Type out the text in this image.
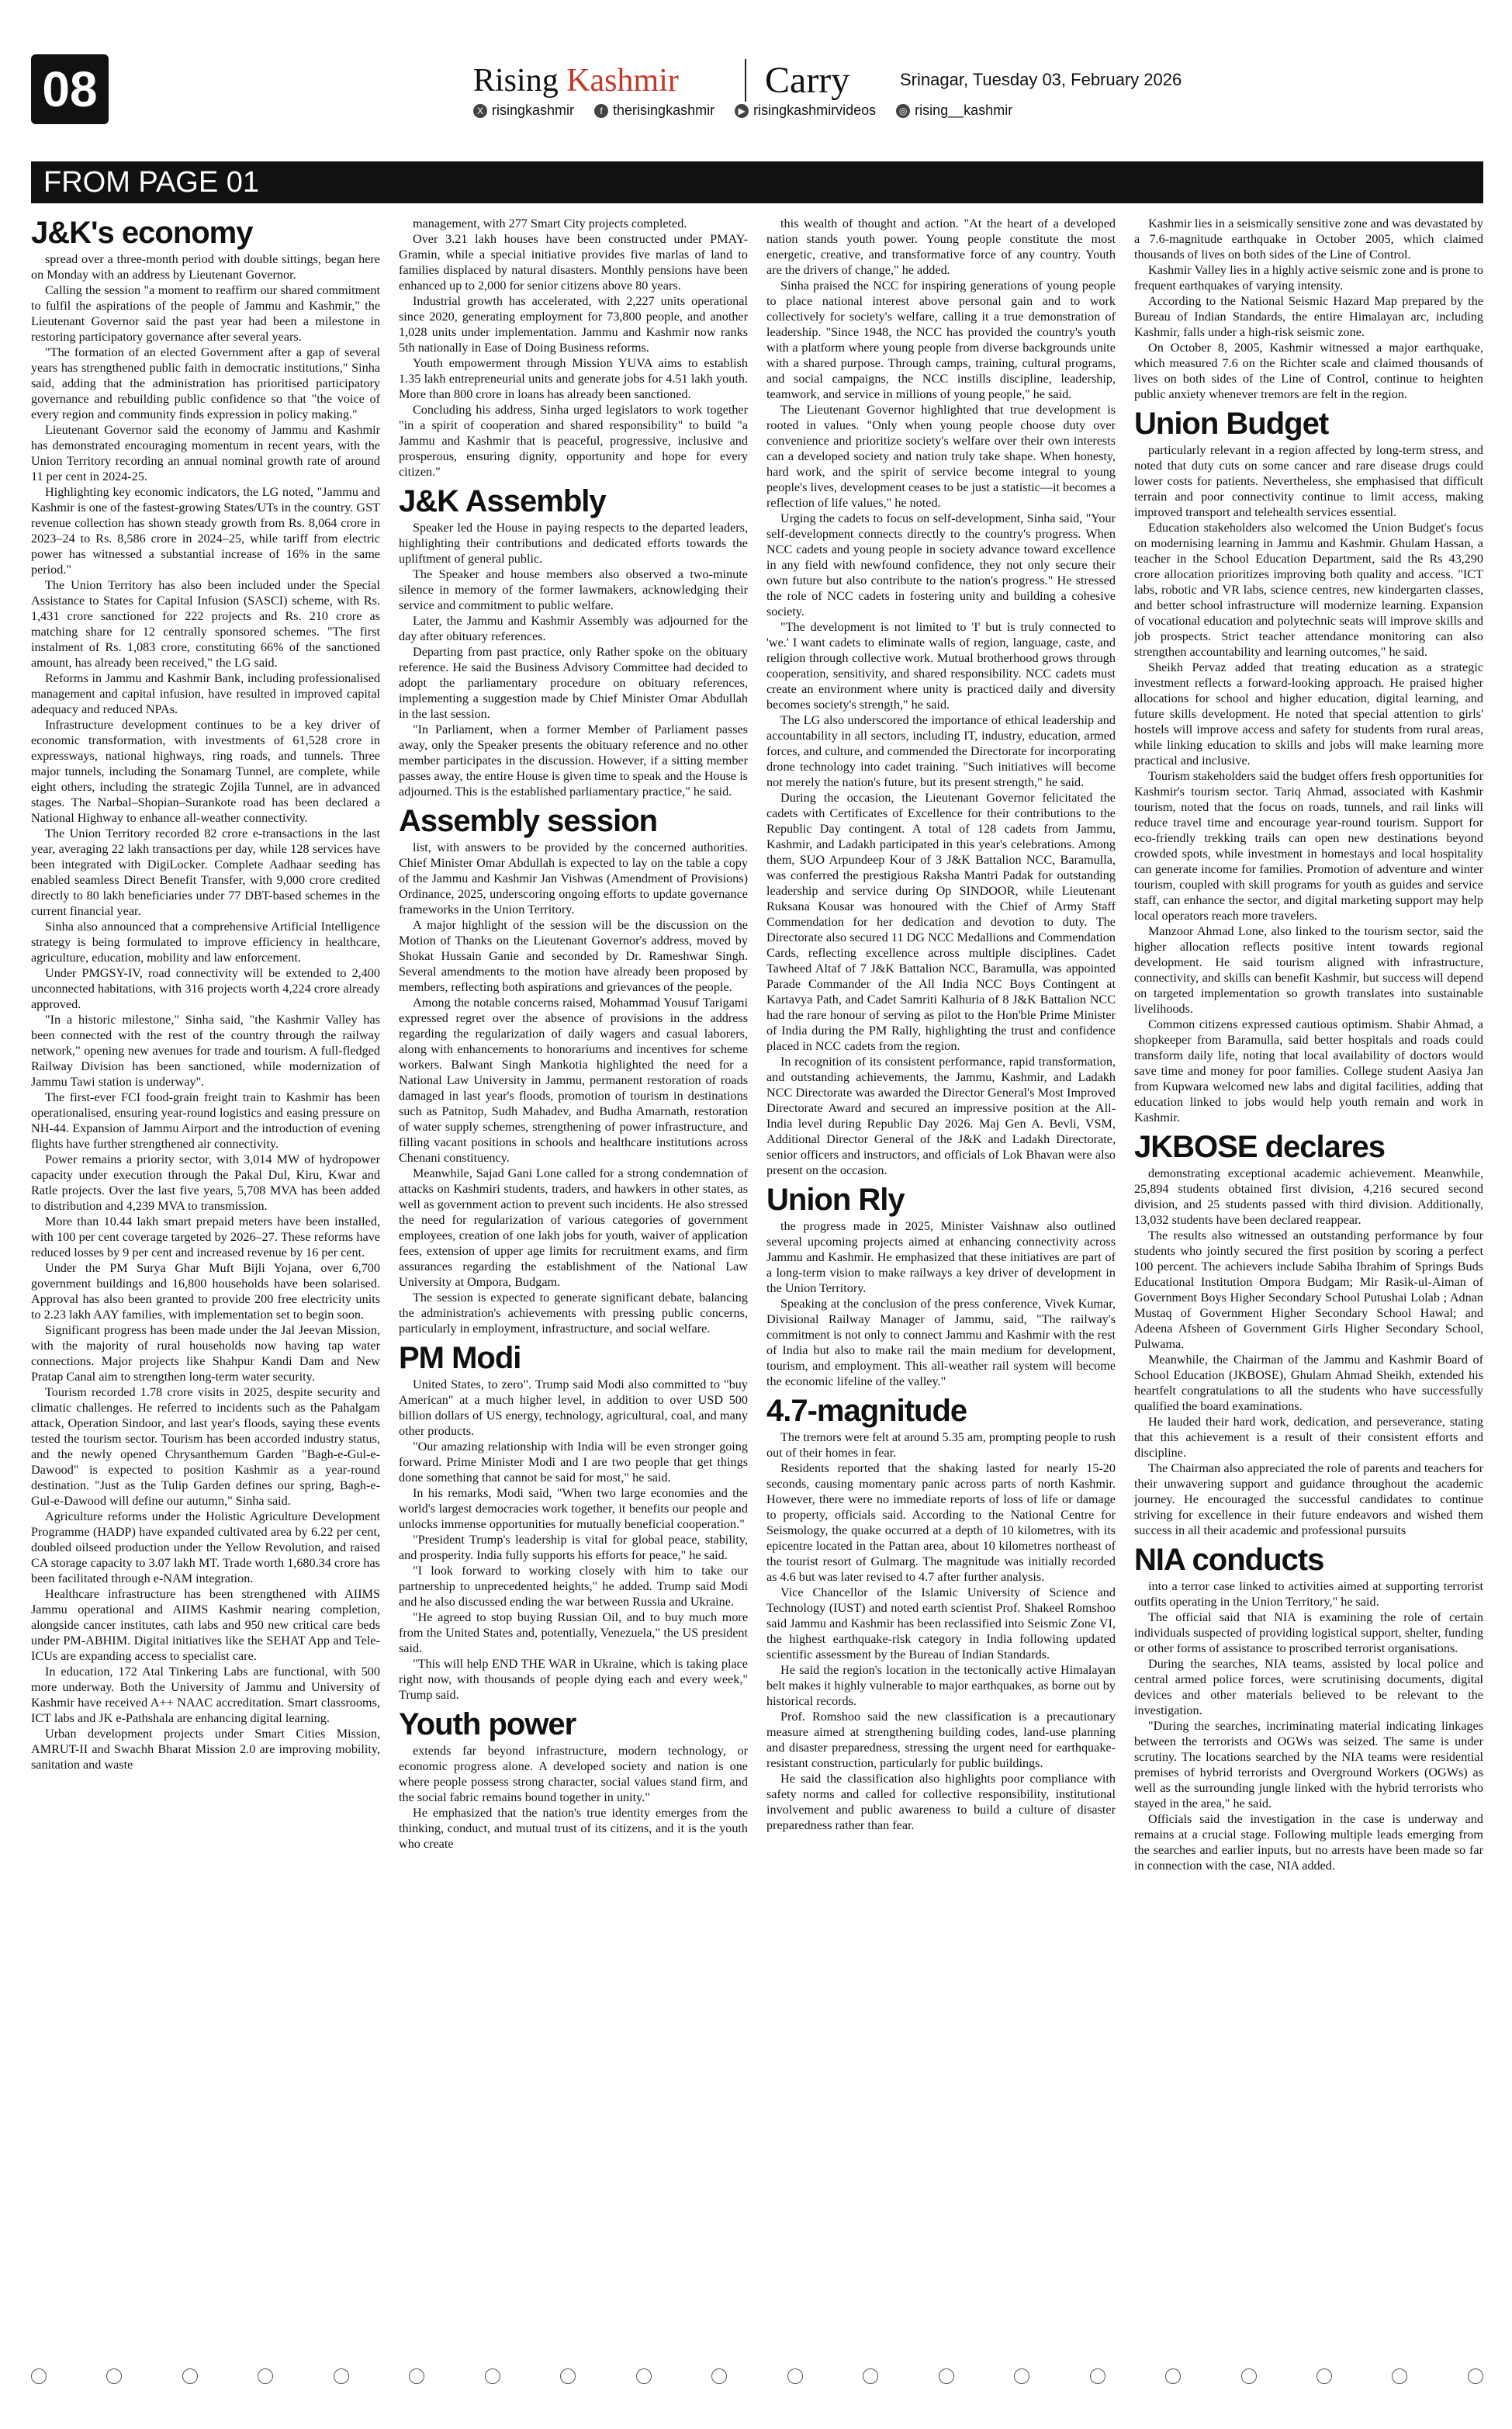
08	Rising Kashmir	Carry	Srinagar, Tuesday 03, February 2026
X risingkashmir	f therisingkashmir	▶ risingkashmirvideos	◎ rising__kashmir
FROM PAGE 01
J&K's economy

spread over a three-month period with double sittings, began here on Monday with an address by Lieutenant Governor.

Calling the session "a moment to reaffirm our shared commitment to fulfil the aspirations of the people of Jammu and Kashmir," the Lieutenant Governor said the past year had been a milestone in restoring participatory governance after several years.

"The formation of an elected Government after a gap of several years has strengthened public faith in democratic institutions," Sinha said, adding that the administration has prioritised participatory governance and rebuilding public confidence so that "the voice of every region and community finds expression in policy making."

Lieutenant Governor said the economy of Jammu and Kashmir has demonstrated encouraging momentum in recent years, with the Union Territory recording an annual nominal growth rate of around 11 per cent in 2024-25.

Highlighting key economic indicators, the LG noted, "Jammu and Kashmir is one of the fastest-growing States/UTs in the country. GST revenue collection has shown steady growth from Rs. 8,064 crore in 2023–24 to Rs. 8,586 crore in 2024–25, while tariff from electric power has witnessed a substantial increase of 16% in the same period."

The Union Territory has also been included under the Special Assistance to States for Capital Infusion (SASCI) scheme, with Rs. 1,431 crore sanctioned for 222 projects and Rs. 210 crore as matching share for 12 centrally sponsored schemes. "The first instalment of Rs. 1,083 crore, constituting 66% of the sanctioned amount, has already been received," the LG said.

Reforms in Jammu and Kashmir Bank, including professionalised management and capital infusion, have resulted in improved capital adequacy and reduced NPAs.

Infrastructure development continues to be a key driver of economic transformation, with investments of 61,528 crore in expressways, national highways, ring roads, and tunnels. Three major tunnels, including the Sonamarg Tunnel, are complete, while eight others, including the strategic Zojila Tunnel, are in advanced stages. The Narbal–Shopian–Surankote road has been declared a National Highway to enhance all-weather connectivity.

The Union Territory recorded 82 crore e-transactions in the last year, averaging 22 lakh transactions per day, while 128 services have been integrated with DigiLocker. Complete Aadhaar seeding has enabled seamless Direct Benefit Transfer, with 9,000 crore credited directly to 80 lakh beneficiaries under 77 DBT-based schemes in the current financial year.

Sinha also announced that a comprehensive Artificial Intelligence strategy is being formulated to improve efficiency in healthcare, agriculture, education, mobility and law enforcement.

Under PMGSY-IV, road connectivity will be extended to 2,400 unconnected habitations, with 316 projects worth 4,224 crore already approved.

"In a historic milestone," Sinha said, "the Kashmir Valley has been connected with the rest of the country through the railway network," opening new avenues for trade and tourism. A full-fledged Railway Division has been sanctioned, while modernization of Jammu Tawi station is underway".

The first-ever FCI food-grain freight train to Kashmir has been operationalised, ensuring year-round logistics and easing pressure on NH-44. Expansion of Jammu Airport and the introduction of evening flights have further strengthened air connectivity.

Power remains a priority sector, with 3,014 MW of hydropower capacity under execution through the Pakal Dul, Kiru, Kwar and Ratle projects. Over the last five years, 5,708 MVA has been added to distribution and 4,239 MVA to transmission.

More than 10.44 lakh smart prepaid meters have been installed, with 100 per cent coverage targeted by 2026–27. These reforms have reduced losses by 9 per cent and increased revenue by 16 per cent.

Under the PM Surya Ghar Muft Bijli Yojana, over 6,700 government buildings and 16,800 households have been solarised. Approval has also been granted to provide 200 free electricity units to 2.23 lakh AAY families, with implementation set to begin soon.

Significant progress has been made under the Jal Jeevan Mission, with the majority of rural households now having tap water connections. Major projects like Shahpur Kandi Dam and New Pratap Canal aim to strengthen long-term water security.

Tourism recorded 1.78 crore visits in 2025, despite security and climatic challenges. He referred to incidents such as the Pahalgam attack, Operation Sindoor, and last year's floods, saying these events tested the tourism sector. Tourism has been accorded industry status, and the newly opened Chrysanthemum Garden "Bagh-e-Gul-e-Dawood" is expected to position Kashmir as a year-round destination. "Just as the Tulip Garden defines our spring, Bagh-e-Gul-e-Dawood will define our autumn," Sinha said.

Agriculture reforms under the Holistic Agriculture Development Programme (HADP) have expanded cultivated area by 6.22 per cent, doubled oilseed production under the Yellow Revolution, and raised CA storage capacity to 3.07 lakh MT. Trade worth 1,680.34 crore has been facilitated through e-NAM integration.

Healthcare infrastructure has been strengthened with AIIMS Jammu operational and AIIMS Kashmir nearing completion, alongside cancer institutes, cath labs and 950 new critical care beds under PM-ABHIM. Digital initiatives like the SEHAT App and Tele-ICUs are expanding access to specialist care.

In education, 172 Atal Tinkering Labs are functional, with 500 more underway. Both the University of Jammu and University of Kashmir have received A++ NAAC accreditation. Smart classrooms, ICT labs and JK e-Pathshala are enhancing digital learning.

Urban development projects under Smart Cities Mission, AMRUT-II and Swachh Bharat Mission 2.0 are improving mobility, sanitation and waste

management, with 277 Smart City projects completed.

Over 3.21 lakh houses have been constructed under PMAY-Gramin, while a special initiative provides five marlas of land to families displaced by natural disasters. Monthly pensions have been enhanced up to 2,000 for senior citizens above 80 years.

Industrial growth has accelerated, with 2,227 units operational since 2020, generating employment for 73,800 people, and another 1,028 units under implementation. Jammu and Kashmir now ranks 5th nationally in Ease of Doing Business reforms.

Youth empowerment through Mission YUVA aims to establish 1.35 lakh entrepreneurial units and generate jobs for 4.51 lakh youth. More than 800 crore in loans has already been sanctioned.

Concluding his address, Sinha urged legislators to work together "in a spirit of cooperation and shared responsibility" to build "a Jammu and Kashmir that is peaceful, progressive, inclusive and prosperous, ensuring dignity, opportunity and hope for every citizen."

J&K Assembly

Speaker led the House in paying respects to the departed leaders, highlighting their contributions and dedicated efforts towards the upliftment of general public.

The Speaker and house members also observed a two-minute silence in memory of the former lawmakers, acknowledging their service and commitment to public welfare.

Later, the Jammu and Kashmir Assembly was adjourned for the day after obituary references.

Departing from past practice, only Rather spoke on the obituary reference. He said the Business Advisory Committee had decided to adopt the parliamentary procedure on obituary references, implementing a suggestion made by Chief Minister Omar Abdullah in the last session.

"In Parliament, when a former Member of Parliament passes away, only the Speaker presents the obituary reference and no other member participates in the discussion. However, if a sitting member passes away, the entire House is given time to speak and the House is adjourned. This is the established parliamentary practice," he said.

Assembly session

list, with answers to be provided by the concerned authorities. Chief Minister Omar Abdullah is expected to lay on the table a copy of the Jammu and Kashmir Jan Vishwas (Amendment of Provisions) Ordinance, 2025, underscoring ongoing efforts to update governance frameworks in the Union Territory.

A major highlight of the session will be the discussion on the Motion of Thanks on the Lieutenant Governor's address, moved by Shokat Hussain Ganie and seconded by Dr. Rameshwar Singh. Several amendments to the motion have already been proposed by members, reflecting both aspirations and grievances of the people.

Among the notable concerns raised, Mohammad Yousuf Tarigami expressed regret over the absence of provisions in the address regarding the regularization of daily wagers and casual laborers, along with enhancements to honorariums and incentives for scheme workers. Balwant Singh Mankotia highlighted the need for a National Law University in Jammu, permanent restoration of roads damaged in last year's floods, promotion of tourism in destinations such as Patnitop, Sudh Mahadev, and Budha Amarnath, restoration of water supply schemes, strengthening of power infrastructure, and filling vacant positions in schools and healthcare institutions across Chenani constituency.

Meanwhile, Sajad Gani Lone called for a strong condemnation of attacks on Kashmiri students, traders, and hawkers in other states, as well as government action to prevent such incidents. He also stressed the need for regularization of various categories of government employees, creation of one lakh jobs for youth, waiver of application fees, extension of upper age limits for recruitment exams, and firm assurances regarding the establishment of the National Law University at Ompora, Budgam.

The session is expected to generate significant debate, balancing the administration's achievements with pressing public concerns, particularly in employment, infrastructure, and social welfare.

PM Modi

United States, to zero". Trump said Modi also committed to "buy American" at a much higher level, in addition to over USD 500 billion dollars of US energy, technology, agricultural, coal, and many other products.

"Our amazing relationship with India will be even stronger going forward. Prime Minister Modi and I are two people that get things done something that cannot be said for most," he said.

In his remarks, Modi said, "When two large economies and the world's largest democracies work together, it benefits our people and unlocks immense opportunities for mutually beneficial cooperation."

"President Trump's leadership is vital for global peace, stability, and prosperity. India fully supports his efforts for peace," he said.

"I look forward to working closely with him to take our partnership to unprecedented heights," he added. Trump said Modi and he also discussed ending the war between Russia and Ukraine.

"He agreed to stop buying Russian Oil, and to buy much more from the United States and, potentially, Venezuela," the US president said.

"This will help END THE WAR in Ukraine, which is taking place right now, with thousands of people dying each and every week," Trump said.

Youth power

extends far beyond infrastructure, modern technology, or economic progress alone. A developed society and nation is one where people possess strong character, social values stand firm, and the social fabric remains bound together in unity."

He emphasized that the nation's true identity emerges from the thinking, conduct, and mutual trust of its citizens, and it is the youth who create

this wealth of thought and action. "At the heart of a developed nation stands youth power. Young people constitute the most energetic, creative, and transformative force of any country. Youth are the drivers of change," he added.

Sinha praised the NCC for inspiring generations of young people to place national interest above personal gain and to work collectively for society's welfare, calling it a true demonstration of leadership. "Since 1948, the NCC has provided the country's youth with a platform where young people from diverse backgrounds unite with a shared purpose. Through camps, training, cultural programs, and social campaigns, the NCC instills discipline, leadership, teamwork, and service in millions of young people," he said.

The Lieutenant Governor highlighted that true development is rooted in values. "Only when young people choose duty over convenience and prioritize society's welfare over their own interests can a developed society and nation truly take shape. When honesty, hard work, and the spirit of service become integral to young people's lives, development ceases to be just a statistic—it becomes a reflection of life values," he noted.

Urging the cadets to focus on self-development, Sinha said, "Your self-development connects directly to the country's progress. When NCC cadets and young people in society advance toward excellence in any field with newfound confidence, they not only secure their own future but also contribute to the nation's progress." He stressed the role of NCC cadets in fostering unity and building a cohesive society.

"The development is not limited to 'I' but is truly connected to 'we.' I want cadets to eliminate walls of region, language, caste, and religion through collective work. Mutual brotherhood grows through cooperation, sensitivity, and shared responsibility. NCC cadets must create an environment where unity is practiced daily and diversity becomes society's strength," he said.

The LG also underscored the importance of ethical leadership and accountability in all sectors, including IT, industry, education, armed forces, and culture, and commended the Directorate for incorporating drone technology into cadet training. "Such initiatives will become not merely the nation's future, but its present strength," he said.

During the occasion, the Lieutenant Governor felicitated the cadets with Certificates of Excellence for their contributions to the Republic Day contingent. A total of 128 cadets from Jammu, Kashmir, and Ladakh participated in this year's celebrations. Among them, SUO Arpundeep Kour of 3 J&K Battalion NCC, Baramulla, was conferred the prestigious Raksha Mantri Padak for outstanding leadership and service during Op SINDOOR, while Lieutenant Ruksana Kousar was honoured with the Chief of Army Staff Commendation for her dedication and devotion to duty. The Directorate also secured 11 DG NCC Medallions and Commendation Cards, reflecting excellence across multiple disciplines. Cadet Tawheed Altaf of 7 J&K Battalion NCC, Baramulla, was appointed Parade Commander of the All India NCC Boys Contingent at Kartavya Path, and Cadet Samriti Kalhuria of 8 J&K Battalion NCC had the rare honour of serving as pilot to the Hon'ble Prime Minister of India during the PM Rally, highlighting the trust and confidence placed in NCC cadets from the region.

In recognition of its consistent performance, rapid transformation, and outstanding achievements, the Jammu, Kashmir, and Ladakh NCC Directorate was awarded the Director General's Most Improved Directorate Award and secured an impressive position at the All-India level during Republic Day 2026. Maj Gen A. Bevli, VSM, Additional Director General of the J&K and Ladakh Directorate, senior officers and instructors, and officials of Lok Bhavan were also present on the occasion.

Union Rly

the progress made in 2025, Minister Vaishnaw also outlined several upcoming projects aimed at enhancing connectivity across Jammu and Kashmir. He emphasized that these initiatives are part of a long-term vision to make railways a key driver of development in the Union Territory.

Speaking at the conclusion of the press conference, Vivek Kumar, Divisional Railway Manager of Jammu, said, "The railway's commitment is not only to connect Jammu and Kashmir with the rest of India but also to make rail the main medium for development, tourism, and employment. This all-weather rail system will become the economic lifeline of the valley."

4.7-magnitude

The tremors were felt at around 5.35 am, prompting people to rush out of their homes in fear.

Residents reported that the shaking lasted for nearly 15-20 seconds, causing momentary panic across parts of north Kashmir. However, there were no immediate reports of loss of life or damage to property, officials said. According to the National Centre for Seismology, the quake occurred at a depth of 10 kilometres, with its epicentre located in the Pattan area, about 10 kilometres northeast of the tourist resort of Gulmarg. The magnitude was initially recorded as 4.6 but was later revised to 4.7 after further analysis.

Vice Chancellor of the Islamic University of Science and Technology (IUST) and noted earth scientist Prof. Shakeel Romshoo said Jammu and Kashmir has been reclassified into Seismic Zone VI, the highest earthquake-risk category in India following updated scientific assessment by the Bureau of Indian Standards.

He said the region's location in the tectonically active Himalayan belt makes it highly vulnerable to major earthquakes, as borne out by historical records.

Prof. Romshoo said the new classification is a precautionary measure aimed at strengthening building codes, land-use planning and disaster preparedness, stressing the urgent need for earthquake-resistant construction, particularly for public buildings.

He said the classification also highlights poor compliance with safety norms and called for collective responsibility, institutional involvement and public awareness to build a culture of disaster preparedness rather than fear.

Kashmir lies in a seismically sensitive zone and was devastated by a 7.6-magnitude earthquake in October 2005, which claimed thousands of lives on both sides of the Line of Control.

Kashmir Valley lies in a highly active seismic zone and is prone to frequent earthquakes of varying intensity.

According to the National Seismic Hazard Map prepared by the Bureau of Indian Standards, the entire Himalayan arc, including Kashmir, falls under a high-risk seismic zone.

On October 8, 2005, Kashmir witnessed a major earthquake, which measured 7.6 on the Richter scale and claimed thousands of lives on both sides of the Line of Control, continue to heighten public anxiety whenever tremors are felt in the region.

Union Budget

particularly relevant in a region affected by long-term stress, and noted that duty cuts on some cancer and rare disease drugs could lower costs for patients. Nevertheless, she emphasised that difficult terrain and poor connectivity continue to limit access, making improved transport and telehealth services essential.

Education stakeholders also welcomed the Union Budget's focus on modernising learning in Jammu and Kashmir. Ghulam Hassan, a teacher in the School Education Department, said the Rs 43,290 crore allocation prioritizes improving both quality and access. "ICT labs, robotic and VR labs, science centres, new kindergarten classes, and better school infrastructure will modernize learning. Expansion of vocational education and polytechnic seats will improve skills and job prospects. Strict teacher attendance monitoring can also strengthen accountability and learning outcomes," he said.

Sheikh Pervaz added that treating education as a strategic investment reflects a forward-looking approach. He praised higher allocations for school and higher education, digital learning, and future skills development. He noted that special attention to girls' hostels will improve access and safety for students from rural areas, while linking education to skills and jobs will make learning more practical and inclusive.

Tourism stakeholders said the budget offers fresh opportunities for Kashmir's tourism sector. Tariq Ahmad, associated with Kashmir tourism, noted that the focus on roads, tunnels, and rail links will reduce travel time and encourage year-round tourism. Support for eco-friendly trekking trails can open new destinations beyond crowded spots, while investment in homestays and local hospitality can generate income for families. Promotion of adventure and winter tourism, coupled with skill programs for youth as guides and service staff, can enhance the sector, and digital marketing support may help local operators reach more travelers.

Manzoor Ahmad Lone, also linked to the tourism sector, said the higher allocation reflects positive intent towards regional development. He said tourism aligned with infrastructure, connectivity, and skills can benefit Kashmir, but success will depend on targeted implementation so growth translates into sustainable livelihoods.

Common citizens expressed cautious optimism. Shabir Ahmad, a shopkeeper from Baramulla, said better hospitals and roads could transform daily life, noting that local availability of doctors would save time and money for poor families. College student Aasiya Jan from Kupwara welcomed new labs and digital facilities, adding that education linked to jobs would help youth remain and work in Kashmir.

JKBOSE declares

demonstrating exceptional academic achievement. Meanwhile, 25,894 students obtained first division, 4,216 secured second division, and 25 students passed with third division. Additionally, 13,032 students have been declared reappear.

The results also witnessed an outstanding performance by four students who jointly secured the first position by scoring a perfect 100 percent. The achievers include Sabiha Ibrahim of Springs Buds Educational Institution Ompora Budgam; Mir Rasik-ul-Aiman of Government Boys Higher Secondary School Putushai Lolab ; Adnan Mustaq of Government Higher Secondary School Hawal; and Adeena Afsheen of Government Girls Higher Secondary School, Pulwama.

Meanwhile, the Chairman of the Jammu and Kashmir Board of School Education (JKBOSE), Ghulam Ahmad Sheikh, extended his heartfelt congratulations to all the students who have successfully qualified the board examinations.

He lauded their hard work, dedication, and perseverance, stating that this achievement is a result of their consistent efforts and discipline.

The Chairman also appreciated the role of parents and teachers for their unwavering support and guidance throughout the academic journey. He encouraged the successful candidates to continue striving for excellence in their future endeavors and wished them success in all their academic and professional pursuits

NIA conducts

into a terror case linked to activities aimed at supporting terrorist outfits operating in the Union Territory," he said.

The official said that NIA is examining the role of certain individuals suspected of providing logistical support, shelter, funding or other forms of assistance to proscribed terrorist organisations.

During the searches, NIA teams, assisted by local police and central armed police forces, were scrutinising documents, digital devices and other materials believed to be relevant to the investigation.

"During the searches, incriminating material indicating linkages between the terrorists and OGWs was seized. The same is under scrutiny. The locations searched by the NIA teams were residential premises of hybrid terrorists and Overground Workers (OGWs) as well as the surrounding jungle linked with the hybrid terrorists who stayed in the area," he said.

Officials said the investigation in the case is underway and remains at a crucial stage. Following multiple leads emerging from the searches and earlier inputs, but no arrests have been made so far in connection with the case, NIA added.
